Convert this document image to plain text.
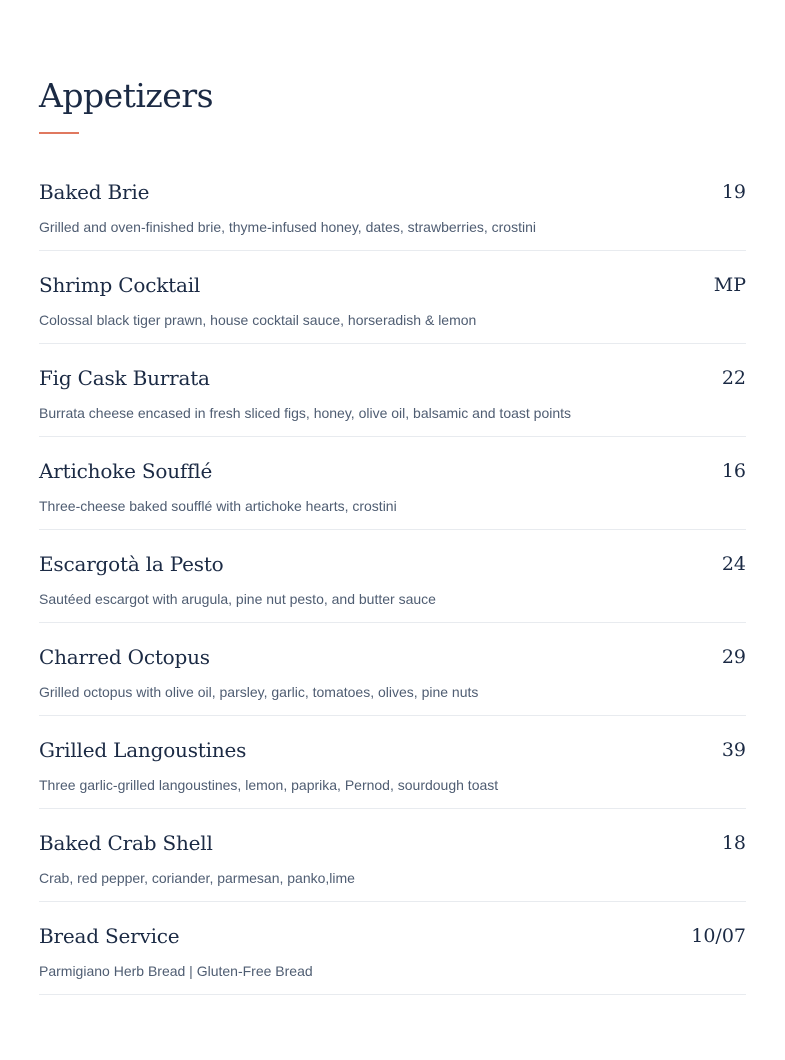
Appetizers
Baked Brie	19
Grilled and oven-finished brie, thyme-infused honey, dates, strawberries, crostini
Shrimp Cocktail	MP
Colossal black tiger prawn, house cocktail sauce, horseradish & lemon
Fig Cask Burrata	22
Burrata cheese encased in fresh sliced figs, honey, olive oil, balsamic and toast points
Artichoke Soufflé	16
Three-cheese baked soufflé with artichoke hearts, crostini
Escargotà la Pesto	24
Sautéed escargot with arugula, pine nut pesto, and butter sauce
Charred Octopus	29
Grilled octopus with olive oil, parsley, garlic, tomatoes, olives, pine nuts
Grilled Langoustines	39
Three garlic-grilled langoustines, lemon, paprika, Pernod, sourdough toast
Baked Crab Shell	18
Crab, red pepper, coriander, parmesan, panko,lime
Bread Service	10/07
Parmigiano Herb Bread | Gluten-Free Bread
